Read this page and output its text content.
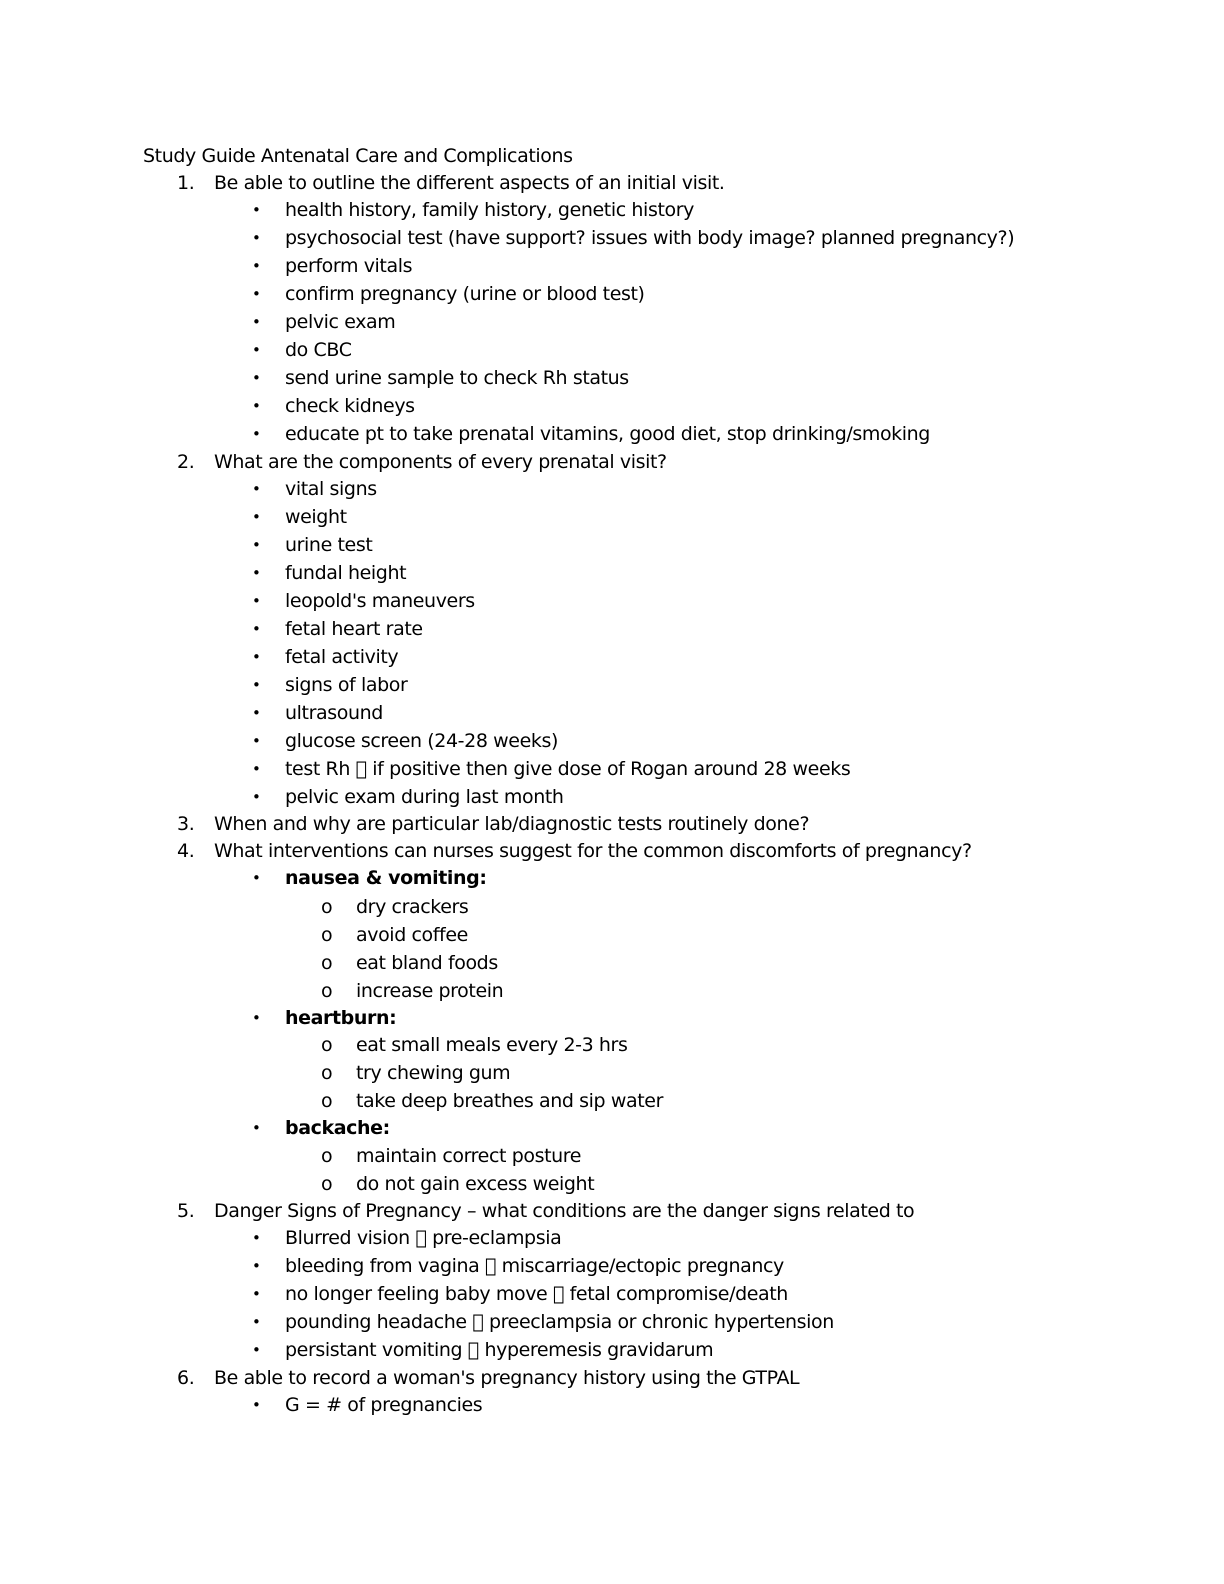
Study Guide Antenatal Care and Complications
1. Be able to outline the different aspects of an initial visit.
• health history, family history, genetic history
• psychosocial test (have support? issues with body image? planned pregnancy?)
• perform vitals
• confirm pregnancy (urine or blood test)
• pelvic exam
• do CBC
• send urine sample to check Rh status
• check kidneys
• educate pt to take prenatal vitamins, good diet, stop drinking/smoking
2. What are the components of every prenatal visit?
• vital signs
• weight
• urine test
• fundal height
• leopold's maneuvers
• fetal heart rate
• fetal activity
• signs of labor
• ultrasound
• glucose screen (24-28 weeks)
• test Rh if positive then give dose of Rogan around 28 weeks
• pelvic exam during last month
3. When and why are particular lab/diagnostic tests routinely done?
4. What interventions can nurses suggest for the common discomforts of pregnancy?
• nausea & vomiting:
o dry crackers
o avoid coffee
o eat bland foods
o increase protein
• heartburn:
o eat small meals every 2-3 hrs
o try chewing gum
o take deep breathes and sip water
• backache:
o maintain correct posture
o do not gain excess weight
5. Danger Signs of Pregnancy – what conditions are the danger signs related to
• Blurred vision pre-eclampsia
• bleeding from vagina miscarriage/ectopic pregnancy
• no longer feeling baby move fetal compromise/death
• pounding headache preeclampsia or chronic hypertension
• persistant vomiting hyperemesis gravidarum
6. Be able to record a woman's pregnancy history using the GTPAL
• G = # of pregnancies
